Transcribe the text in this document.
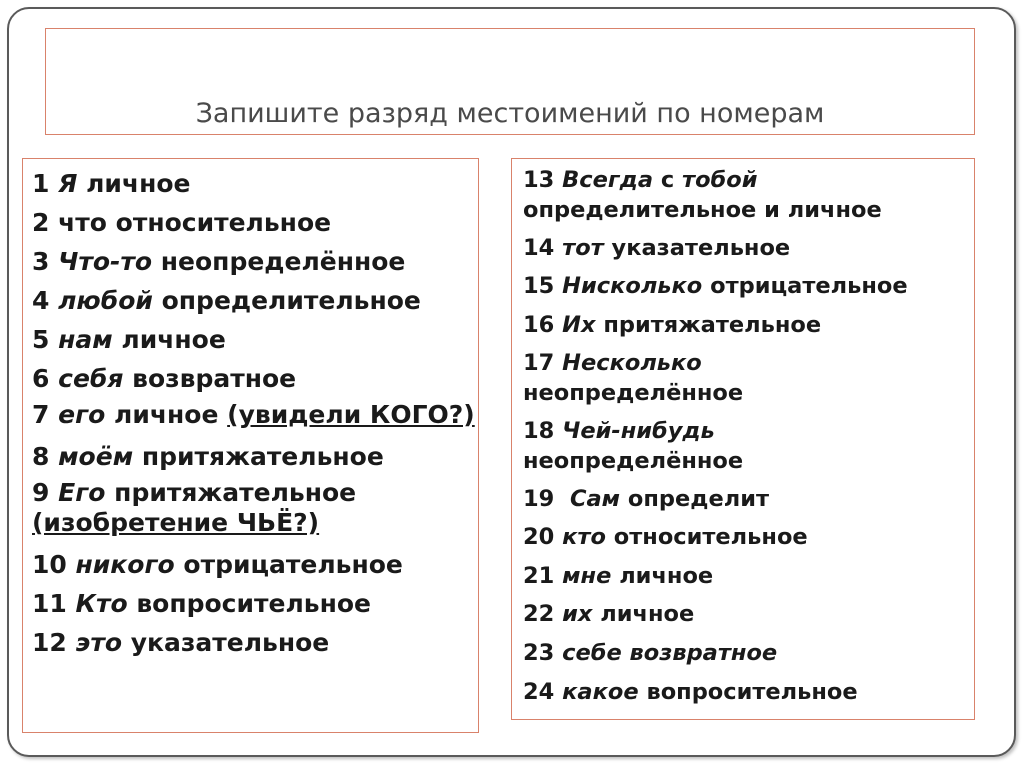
Запишите разряд местоимений по номерам
1 Я личное
2 что относительное
3 Что-то неопределённое
4 любой определительное
5 нам личное
6 себя возвратное
7 его личное (увидели КОГО?)
8 моём притяжательное
9 Его притяжательное
(изобретение ЧЬЁ?)
10 никого отрицательное
11 Кто вопросительное
12 это указательное
13 Всегда с тобой
определительное и личное
14 тот указательное
15 Нисколько отрицательное
16 Их притяжательное
17 Несколько
неопределённое
18 Чей-нибудь
неопределённое
19 Сам определит
20 кто относительное
21 мне личное
22 их личное
23 себе возвратное
24 какое вопросительное
